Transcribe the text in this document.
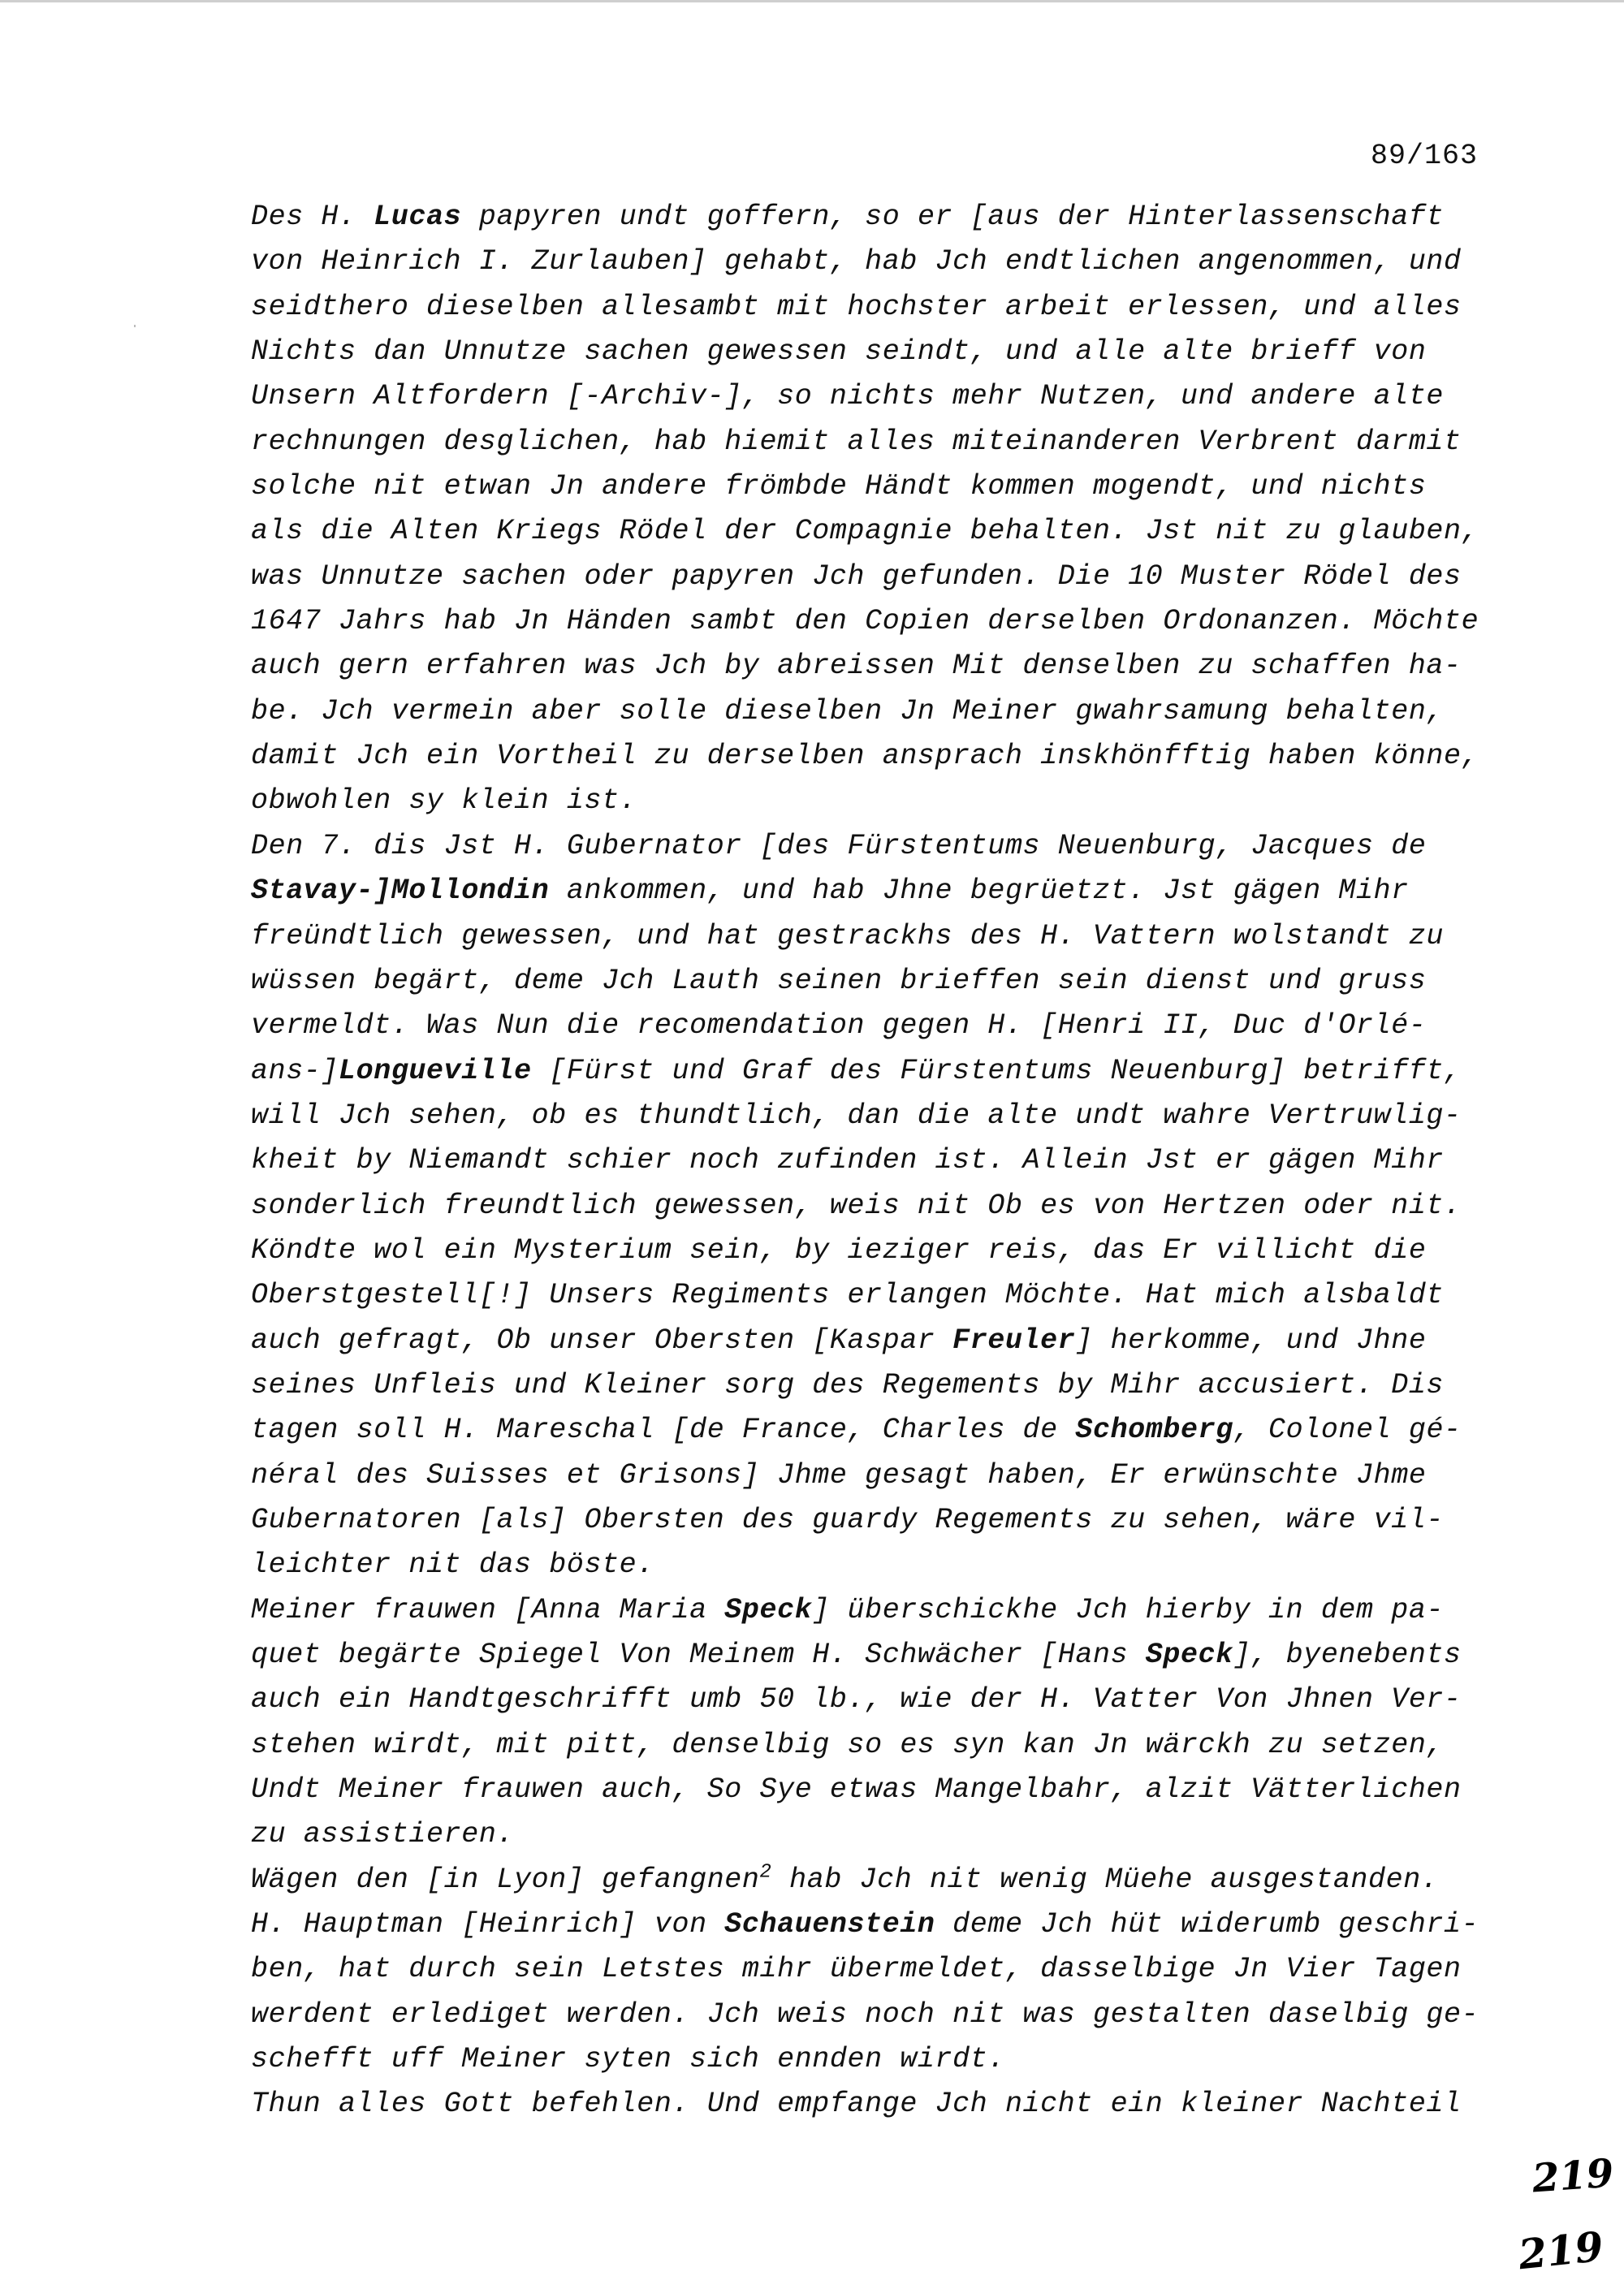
89/163
Des H. Lucas papyren undt goffern, so er [aus der Hinterlassenschaft
von Heinrich I. Zurlauben] gehabt, hab Jch endtlichen angenommen, und
seidthero dieselben allesambt mit hochster arbeit erlessen, und alles
Nichts dan Unnutze sachen gewessen seindt, und alle alte brieff von
Unsern Altfordern [-Archiv-], so nichts mehr Nutzen, und andere alte
rechnungen desglichen, hab hiemit alles miteinanderen Verbrent darmit
solche nit etwan Jn andere frömbde Händt kommen mogendt, und nichts
als die Alten Kriegs Rödel der Compagnie behalten. Jst nit zu glauben,
was Unnutze sachen oder papyren Jch gefunden. Die 10 Muster Rödel des
1647 Jahrs hab Jn Händen sambt den Copien derselben Ordonanzen. Möchte
auch gern erfahren was Jch by abreissen Mit denselben zu schaffen ha-
be. Jch vermein aber solle dieselben Jn Meiner gwahrsamung behalten,
damit Jch ein Vortheil zu derselben ansprach inskhönfftig haben könne,
obwohlen sy klein ist.
Den 7. dis Jst H. Gubernator [des Fürstentums Neuenburg, Jacques de
Stavay-]Mollondin ankommen, und hab Jhne begrüetzt. Jst gägen Mihr
freündtlich gewessen, und hat gestrackhs des H. Vattern wolstandt zu
wüssen begärt, deme Jch Lauth seinen brieffen sein dienst und gruss
vermeldt. Was Nun die recomendation gegen H. [Henri II, Duc d'Orlé-
ans-]Longueville [Fürst und Graf des Fürstentums Neuenburg] betrifft,
will Jch sehen, ob es thundtlich, dan die alte undt wahre Vertruwlig-
kheit by Niemandt schier noch zufinden ist. Allein Jst er gägen Mihr
sonderlich freundtlich gewessen, weis nit Ob es von Hertzen oder nit.
Köndte wol ein Mysterium sein, by ieziger reis, das Er villicht die
Oberstgestell[!] Unsers Regiments erlangen Möchte. Hat mich alsbaldt
auch gefragt, Ob unser Obersten [Kaspar Freuler] herkomme, und Jhne
seines Unfleis und Kleiner sorg des Regements by Mihr accusiert. Dis
tagen soll H. Mareschal [de France, Charles de Schomberg, Colonel gé-
néral des Suisses et Grisons] Jhme gesagt haben, Er erwünschte Jhme
Gubernatoren [als] Obersten des guardy Regements zu sehen, wäre vil-
leichter nit das böste.
Meiner frauwen [Anna Maria Speck] überschickhe Jch hierby in dem pa-
quet begärte Spiegel Von Meinem H. Schwächer [Hans Speck], byenebents
auch ein Handtgeschrifft umb 50 lb., wie der H. Vatter Von Jhnen Ver-
stehen wirdt, mit pitt, denselbig so es syn kan Jn wärckh zu setzen,
Undt Meiner frauwen auch, So Sye etwas Mangelbahr, alzit Vätterlichen
zu assistieren.
Wägen den [in Lyon] gefangnen$^2$ hab Jch nit wenig Müehe ausgestanden.
H. Hauptman [Heinrich] von Schauenstein deme Jch hüt widerumb geschri-
ben, hat durch sein Letstes mihr übermeldet, dasselbige Jn Vier Tagen
werdent erlediget werden. Jch weis noch nit was gestalten daselbig ge-
schefft uff Meiner syten sich ennden wirdt.
Thun alles Gott befehlen. Und empfange Jch nicht ein kleiner Nachteil
219
219
